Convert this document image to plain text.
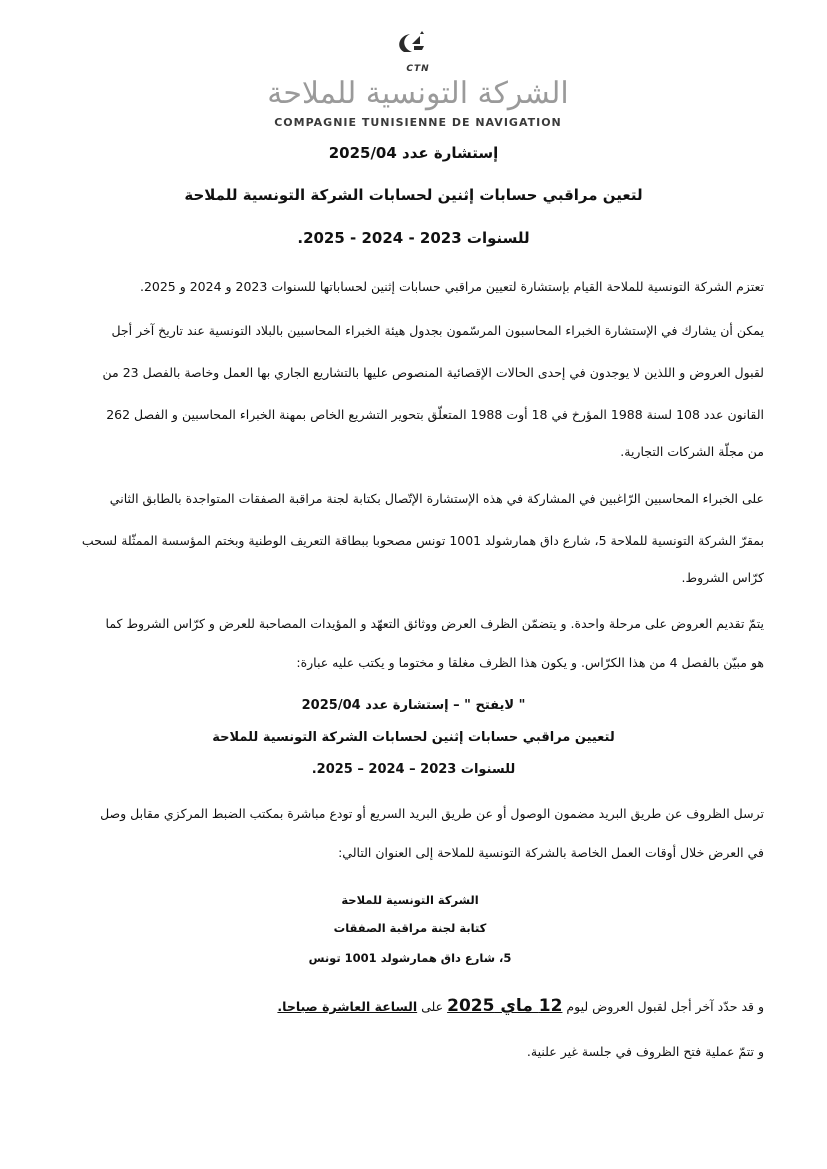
CTN
الشركة التونسية للملاحة
COMPAGNIE TUNISIENNE DE NAVIGATION
إستشارة عدد 2025/04
لتعين مراقبي حسابات إثنين لحسابات الشركة التونسية للملاحة
للسنوات 2023 - 2024 - 2025.
تعتزم الشركة التونسية للملاحة القيام بإستشارة لتعيين مراقبي حسابات إثنين لحساباتها للسنوات 2023 و 2024 و 2025.
يمكن أن يشارك في الإستشارة الخبراء المحاسبون المرسّمون بجدول هيئة الخبراء المحاسبين بالبلاد التونسية عند تاريخ آخر أجل
لقبول العروض و اللذين لا يوجدون في إحدى الحالات الإقصائية المنصوص عليها بالتشاريع الجاري بها العمل وخاصة بالفصل 23 من
القانون عدد 108 لسنة 1988 المؤرخ في 18 أوت 1988 المتعلّق بتحوير التشريع الخاص بمهنة الخبراء المحاسبين و الفصل 262
من مجلّة الشركات التجارية.
على الخبراء المحاسبين الرّاغبين في المشاركة في هذه الإستشارة الإتّصال بكتابة لجنة مراقبة الصفقات المتواجدة بالطابق الثاني
بمقرّ الشركة التونسية للملاحة 5، شارع داق همارشولد 1001 تونس مصحوبا ببطاقة التعريف الوطنية وبختم المؤسسة الممثّلة لسحب
كرّاس الشروط.
يتمّ تقديم العروض على مرحلة واحدة. و يتضمّن الظرف العرض ووثائق التعهّد و المؤيدات المصاحبة للعرض و كرّاس الشروط كما
هو مبيّن بالفصل 4 من هذا الكرّاس. و يكون هذا الظرف مغلقا و مختوما و يكتب عليه عبارة:
" لايفتح " – إستشارة عدد 2025/04
لتعيين مراقبي حسابات إثنين لحسابات الشركة التونسية للملاحة
للسنوات 2023 – 2024 – 2025.
ترسل الظروف عن طريق البريد مضمون الوصول أو عن طريق البريد السريع أو تودع مباشرة بمكتب الضبط المركزي مقابل وصل
في العرض خلال أوقات العمل الخاصة بالشركة التونسية للملاحة إلى العنوان التالي:
الشركة التونسية للملاحة
كتابة لجنة مراقبة الصفقات
5، شارع داق همارشولد 1001 تونس
و قد حدّد آخر أجل لقبول العروض ليوم 12 ماي 2025 على الساعة العاشرة صباحا.
و تتمّ عملية فتح الظروف في جلسة غير علنية.
